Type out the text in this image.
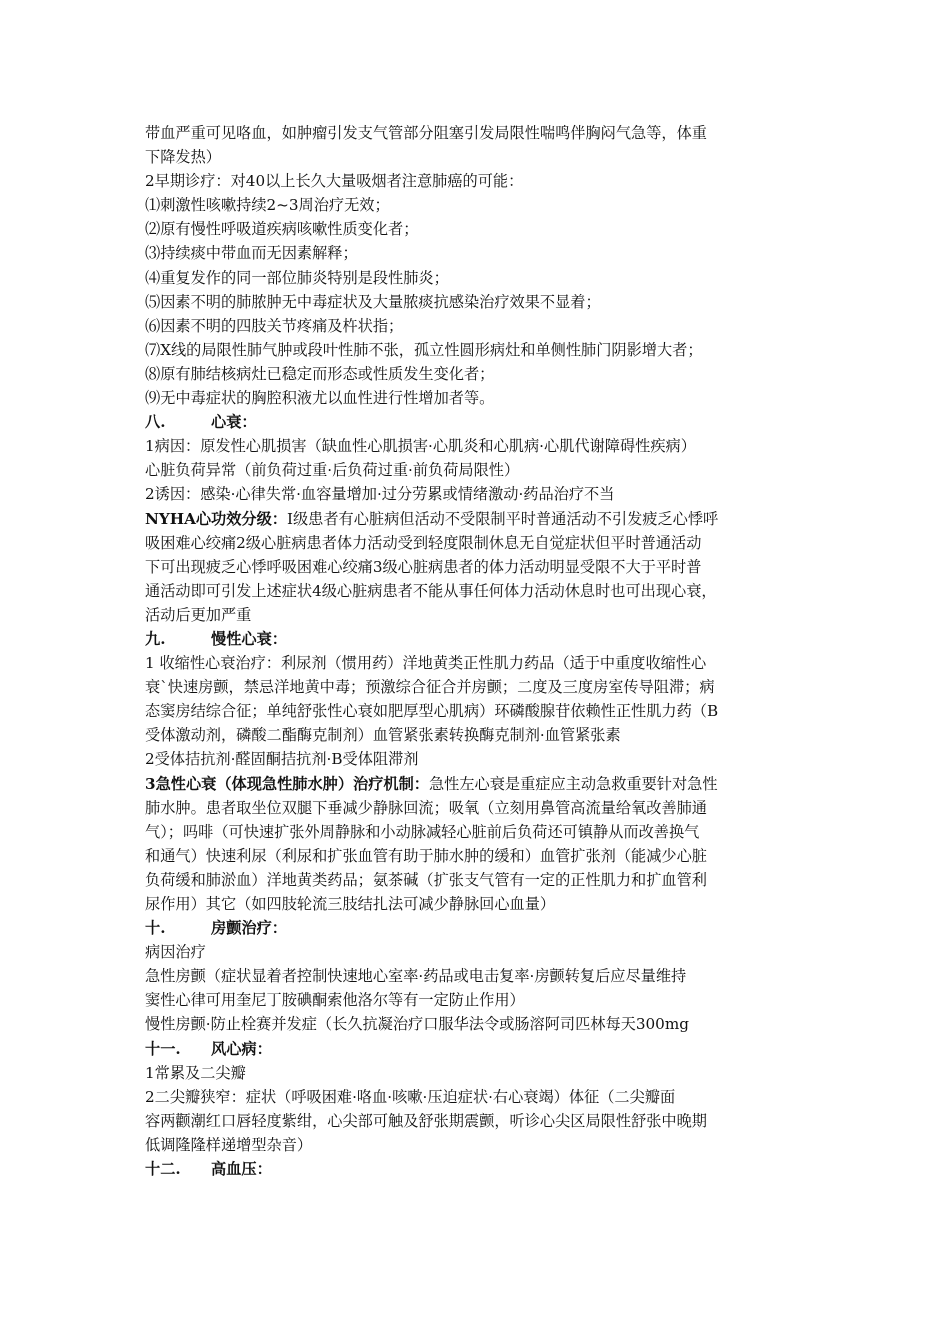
带血严重可见咯血，如肿瘤引发支气管部分阻塞引发局限性喘鸣伴胸闷气急等，体重
下降发热）
2早期诊疗：对40以上长久大量吸烟者注意肺癌的可能：
⑴刺激性咳嗽持续2~3周治疗无效；
⑵原有慢性呼吸道疾病咳嗽性质变化者；
⑶持续痰中带血而无因素解释；
⑷重复发作的同一部位肺炎特别是段性肺炎；
⑸因素不明的肺脓肿无中毒症状及大量脓痰抗感染治疗效果不显着；
⑹因素不明的四肢关节疼痛及杵状指；
⑺X线的局限性肺气肿或段叶性肺不张，孤立性圆形病灶和单侧性肺门阴影增大者；
⑻原有肺结核病灶已稳定而形态或性质发生变化者；
⑼无中毒症状的胸腔积液尤以血性进行性增加者等。
八.	心衰：
1病因：原发性心肌损害（缺血性心肌损害·心肌炎和心肌病·心肌代谢障碍性疾病）
心脏负荷异常（前负荷过重·后负荷过重·前负荷局限性）
2诱因：感染·心律失常·血容量增加·过分劳累或情绪激动·药品治疗不当
NYHA心功效分级：I级患者有心脏病但活动不受限制平时普通活动不引发疲乏心悸呼
吸困难心绞痛2级心脏病患者体力活动受到轻度限制休息无自觉症状但平时普通活动
下可出现疲乏心悸呼吸困难心绞痛3级心脏病患者的体力活动明显受限不大于平时普
通活动即可引发上述症状4级心脏病患者不能从事任何体力活动休息时也可出现心衰，
活动后更加严重
九.	慢性心衰：
1 收缩性心衰治疗：利尿剂（惯用药）洋地黄类正性肌力药品（适于中重度收缩性心
衰`快速房颤，禁忌洋地黄中毒；预激综合征合并房颤；二度及三度房室传导阻滞；病
态窦房结综合征；单纯舒张性心衰如肥厚型心肌病）环磷酸腺苷依赖性正性肌力药（B
受体激动剂，磷酸二酯酶克制剂）血管紧张素转换酶克制剂·血管紧张素
2受体拮抗剂·醛固酮拮抗剂·B受体阻滞剂
3急性心衰（体现急性肺水肿）治疗机制：急性左心衰是重症应主动急救重要针对急性
肺水肿。患者取坐位双腿下垂减少静脉回流；吸氧（立刻用鼻管高流量给氧改善肺通
气）；吗啡（可快速扩张外周静脉和小动脉减轻心脏前后负荷还可镇静从而改善换气
和通气）快速利尿（利尿和扩张血管有助于肺水肿的缓和）血管扩张剂（能减少心脏
负荷缓和肺淤血）洋地黄类药品；氨茶碱（扩张支气管有一定的正性肌力和扩血管利
尿作用）其它（如四肢轮流三肢结扎法可减少静脉回心血量）
十.	房颤治疗：
病因治疗
急性房颤（症状显着者控制快速地心室率·药品或电击复率·房颤转复后应尽量维持
窦性心律可用奎尼丁胺碘酮索他洛尔等有一定防止作用）
慢性房颤·防止栓赛并发症（长久抗凝治疗口服华法令或肠溶阿司匹林每天300mg
十一. 风心病：
1常累及二尖瓣
2二尖瓣狭窄：症状（呼吸困难·咯血·咳嗽·压迫症状·右心衰竭）体征（二尖瓣面
容两颧潮红口唇轻度紫绀，心尖部可触及舒张期震颤，听诊心尖区局限性舒张中晚期
低调隆隆样递增型杂音）
十二. 高血压：
